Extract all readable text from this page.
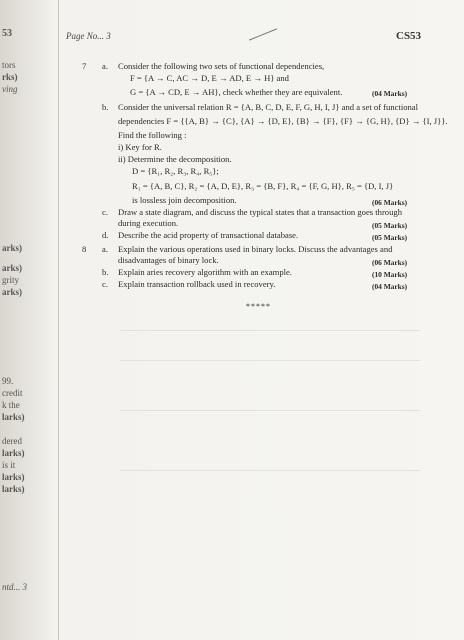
53
tors
rks)
ving
arks)
arks)
grity
arks)
99.
credit
k the
larks)
dered
larks)
is it
larks)
larks)
ntd... 3
Page No... 3	CS53
7 a. Consider the following two sets of functional dependencies,
F = {A → C, AC → D, E → AD, E → H} and
G = {A → CD, E → AH}, check whether they are equivalent.	(04 Marks)
b. Consider the universal relation R = {A, B, C, D, E, F, G, H, I, J} and a set of functional
dependencies F = {{A, B} → {C}, {A} → {D, E}, {B} → {F}, {F} → {G, H}, {D} → {I, J}}.
Find the following :
i) Key for R.
ii) Determine the decomposition.
D = {R₁, R₂, R₃, R₄, R₅};
R₁ = {A, B, C}, R₂ = {A, D, E}, R₃ = {B, F}, R₄ = {F, G, H}, R₅ = {D, I, J}
is lossless join decomposition.	(06 Marks)
c. Draw a state diagram, and discuss the typical states that a transaction goes through
during execution.	(05 Marks)
d. Describe the acid property of transactional database.	(05 Marks)
8 a. Explain the various operations used in binary locks. Discuss the advantages and
disadvantages of binary lock.	(06 Marks)
b. Explain aries recovery algorithm with an example.	(10 Marks)
c. Explain transaction rollback used in recovery.	(04 Marks)
*****
